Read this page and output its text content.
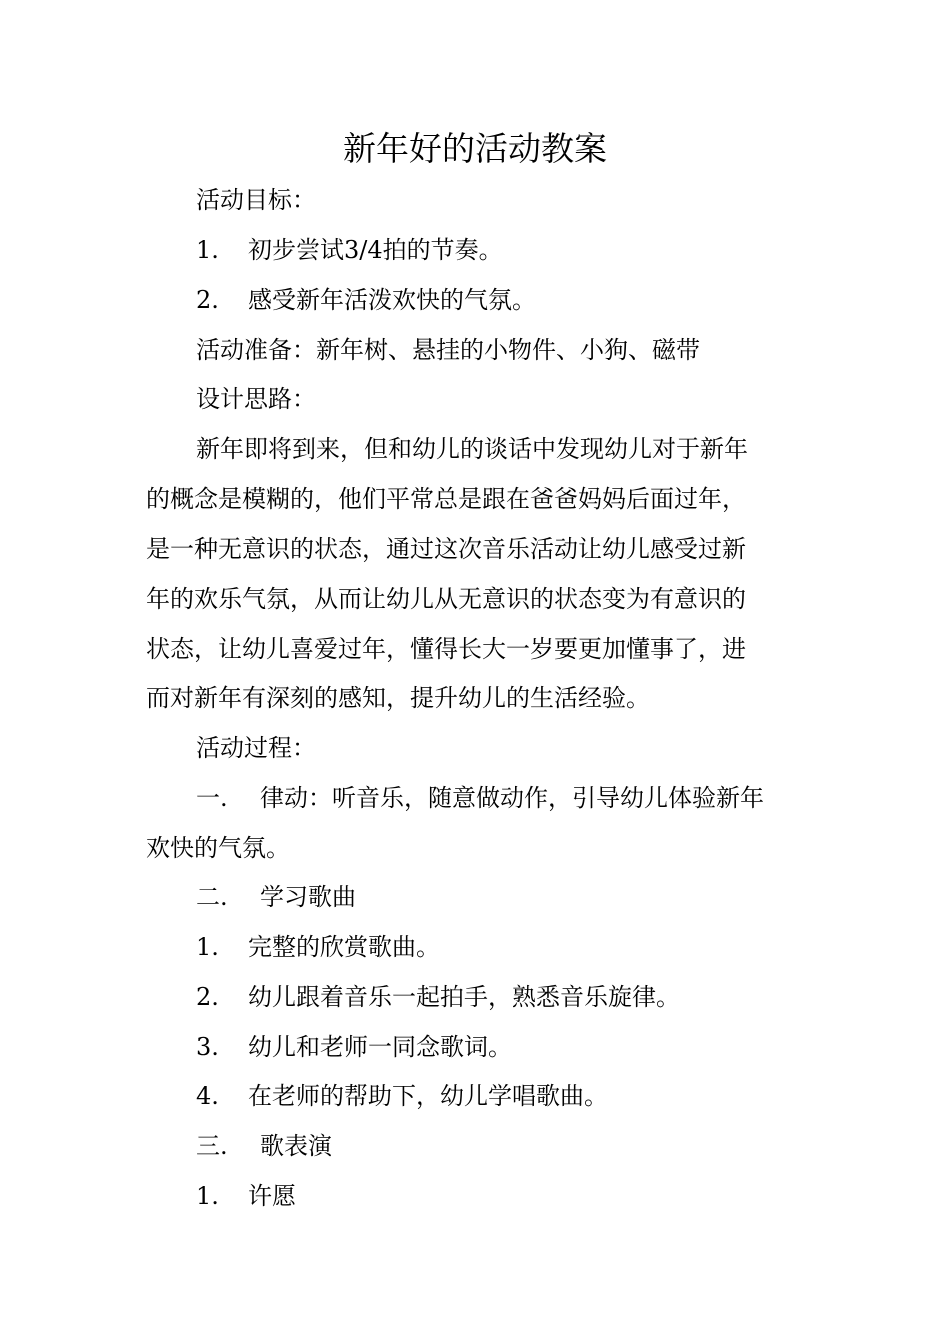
新年好的活动教案

活动目标：

1. 初步尝试3/4拍的节奏。

2. 感受新年活泼欢快的气氛。

活动准备：新年树、悬挂的小物件、小狗、磁带

设计思路：

新年即将到来，但和幼儿的谈话中发现幼儿对于新年

的概念是模糊的，他们平常总是跟在爸爸妈妈后面过年，

是一种无意识的状态，通过这次音乐活动让幼儿感受过新

年的欢乐气氛，从而让幼儿从无意识的状态变为有意识的

状态，让幼儿喜爱过年，懂得长大一岁要更加懂事了，进

而对新年有深刻的感知，提升幼儿的生活经验。

活动过程：

一. 律动：听音乐，随意做动作，引导幼儿体验新年

欢快的气氛。

二. 学习歌曲

1. 完整的欣赏歌曲。

2. 幼儿跟着音乐一起拍手，熟悉音乐旋律。

3. 幼儿和老师一同念歌词。

4. 在老师的帮助下，幼儿学唱歌曲。

三. 歌表演

1. 许愿
